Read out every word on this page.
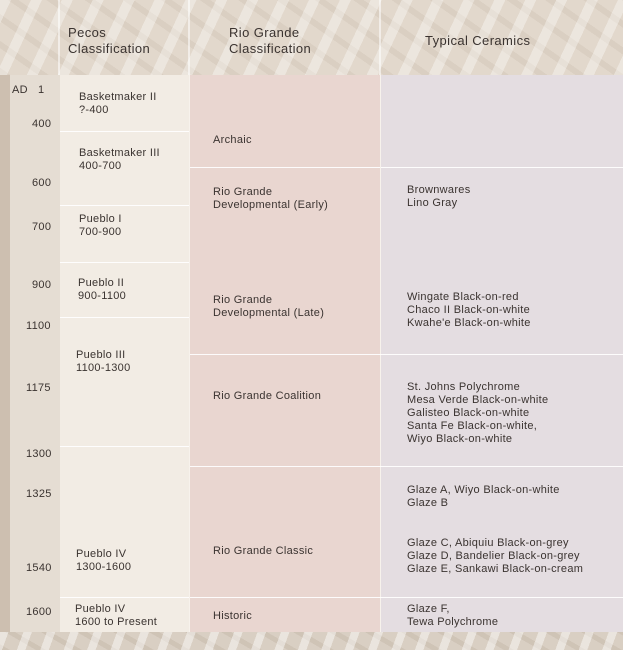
Pecos
Classification
Rio Grande
Classification
Typical Ceramics
AD   1
400
600
700
900
1100
1175
1300
1325
1540
1600
Basketmaker II
?-400
Basketmaker III
400-700
Pueblo I
700-900
Pueblo II
900-1100
Pueblo III
1100-1300
Pueblo IV
1300-1600
Pueblo IV
1600 to Present
Archaic
Rio Grande
Developmental (Early)
Rio Grande
Developmental (Late)
Rio Grande Coalition
Rio Grande Classic
Historic
Brownwares
Lino Gray
Wingate Black-on-red
Chaco II Black-on-white
Kwahe'e Black-on-white
St. Johns Polychrome
Mesa Verde Black-on-white
Galisteo Black-on-white
Santa Fe Black-on-white,
Wiyo Black-on-white
Glaze A, Wiyo Black-on-white
Glaze B
Glaze C, Abiquiu Black-on-grey
Glaze D, Bandelier Black-on-grey
Glaze E, Sankawi Black-on-cream
Glaze F,
Tewa Polychrome
